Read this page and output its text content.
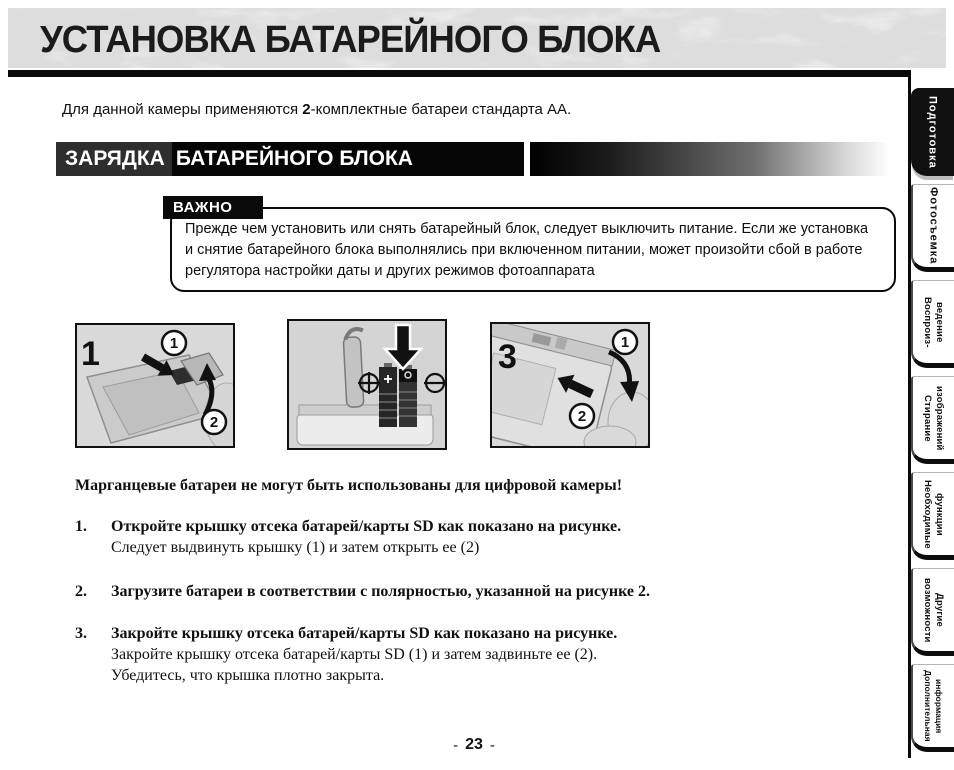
УСТАНОВКА БАТАРЕЙНОГО БЛОКА

Для данной камеры применяются 2-комплектные батареи стандарта AA.

ЗАРЯДКА БАТАРЕЙНОГО БЛОКА
ВАЖНО
Прежде чем установить или снять батарейный блок, следует выключить питание. Если же установка и снятие батарейного блока выполнялись при включенном питании, может произойти сбой в работе регулятора настройки даты и других режимов фотоаппарата
1
2
1	1
2
3

Марганцевые батареи не могут быть использованы для цифровой камеры!

1.	Откройте крышку отсека батарей/карты SD как показано на рисунке.
Следует выдвинуть крышку (1) и затем открыть ее (2)
2.	Загрузите батареи в соответствии с полярностью, указанной на рисунке 2.
3.	Закройте крышку отсека батарей/карты SD как показано на рисунке.
Закройте крышку отсека батарей/карты SD (1) и затем задвиньте ее (2).
Убедитесь, что крышка плотно закрыта.
- 23 -
Подготовка
Фотосъемка
Воспроиз- ведение
Стирание изображений
Необходимые функции
возможности Другие
Дополнительная информация
